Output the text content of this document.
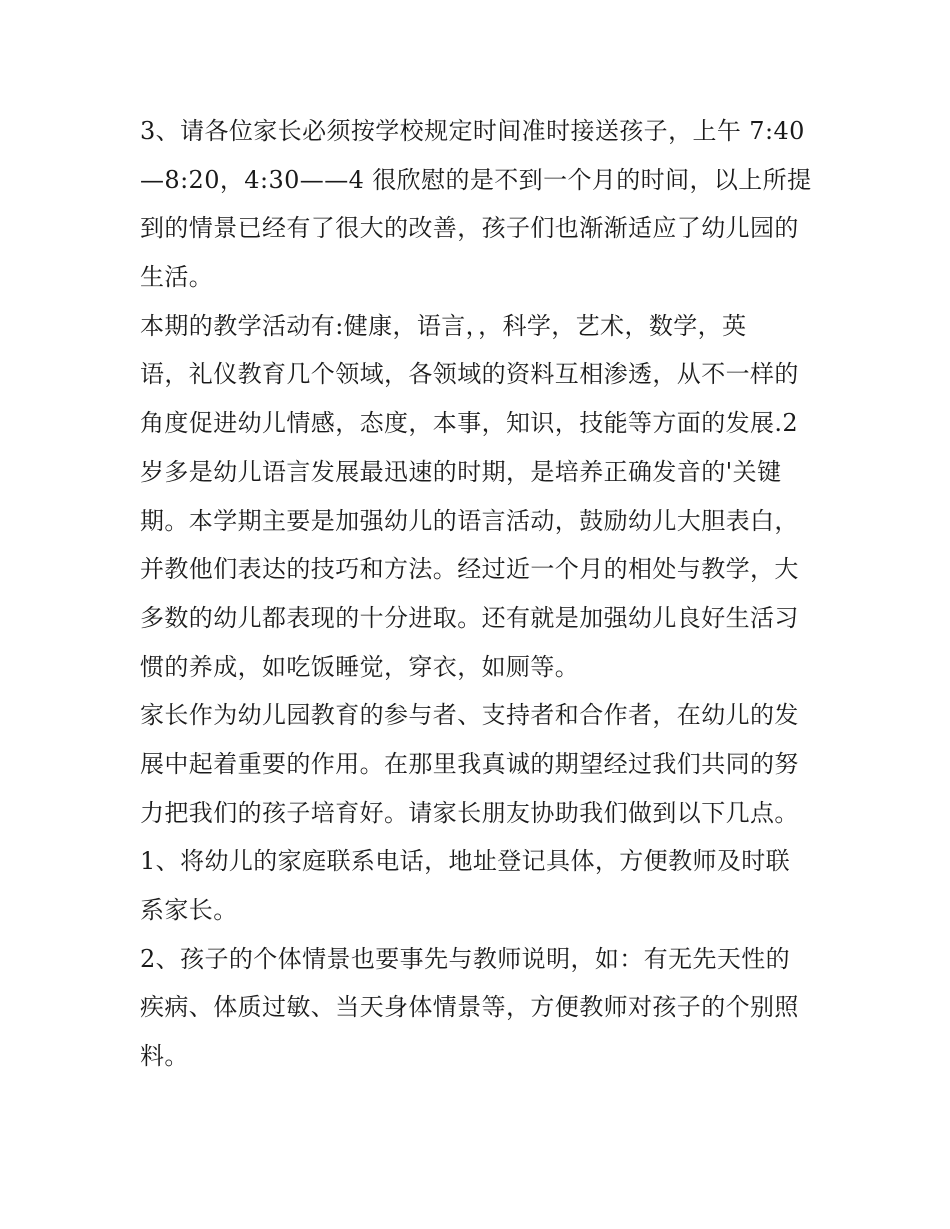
3、请各位家长必须按学校规定时间准时接送孩子，上午 7:40
—8:20，4:30——4 很欣慰的是不到一个月的时间，以上所提
到的情景已经有了很大的改善，孩子们也渐渐适应了幼儿园的
生活。
本期的教学活动有:健康，语言，，科学，艺术，数学，英
语，礼仪教育几个领域，各领域的资料互相渗透，从不一样的
角度促进幼儿情感，态度，本事，知识，技能等方面的发展.2
岁多是幼儿语言发展最迅速的时期，是培养正确发音的'关键
期。本学期主要是加强幼儿的语言活动，鼓励幼儿大胆表白，
并教他们表达的技巧和方法。经过近一个月的相处与教学，大
多数的幼儿都表现的十分进取。还有就是加强幼儿良好生活习
惯的养成，如吃饭睡觉，穿衣，如厕等。
家长作为幼儿园教育的参与者、支持者和合作者，在幼儿的发
展中起着重要的作用。在那里我真诚的期望经过我们共同的努
力把我们的孩子培育好。请家长朋友协助我们做到以下几点。
1、将幼儿的家庭联系电话，地址登记具体，方便教师及时联
系家长。
2、孩子的个体情景也要事先与教师说明，如：有无先天性的
疾病、体质过敏、当天身体情景等，方便教师对孩子的个别照
料。
